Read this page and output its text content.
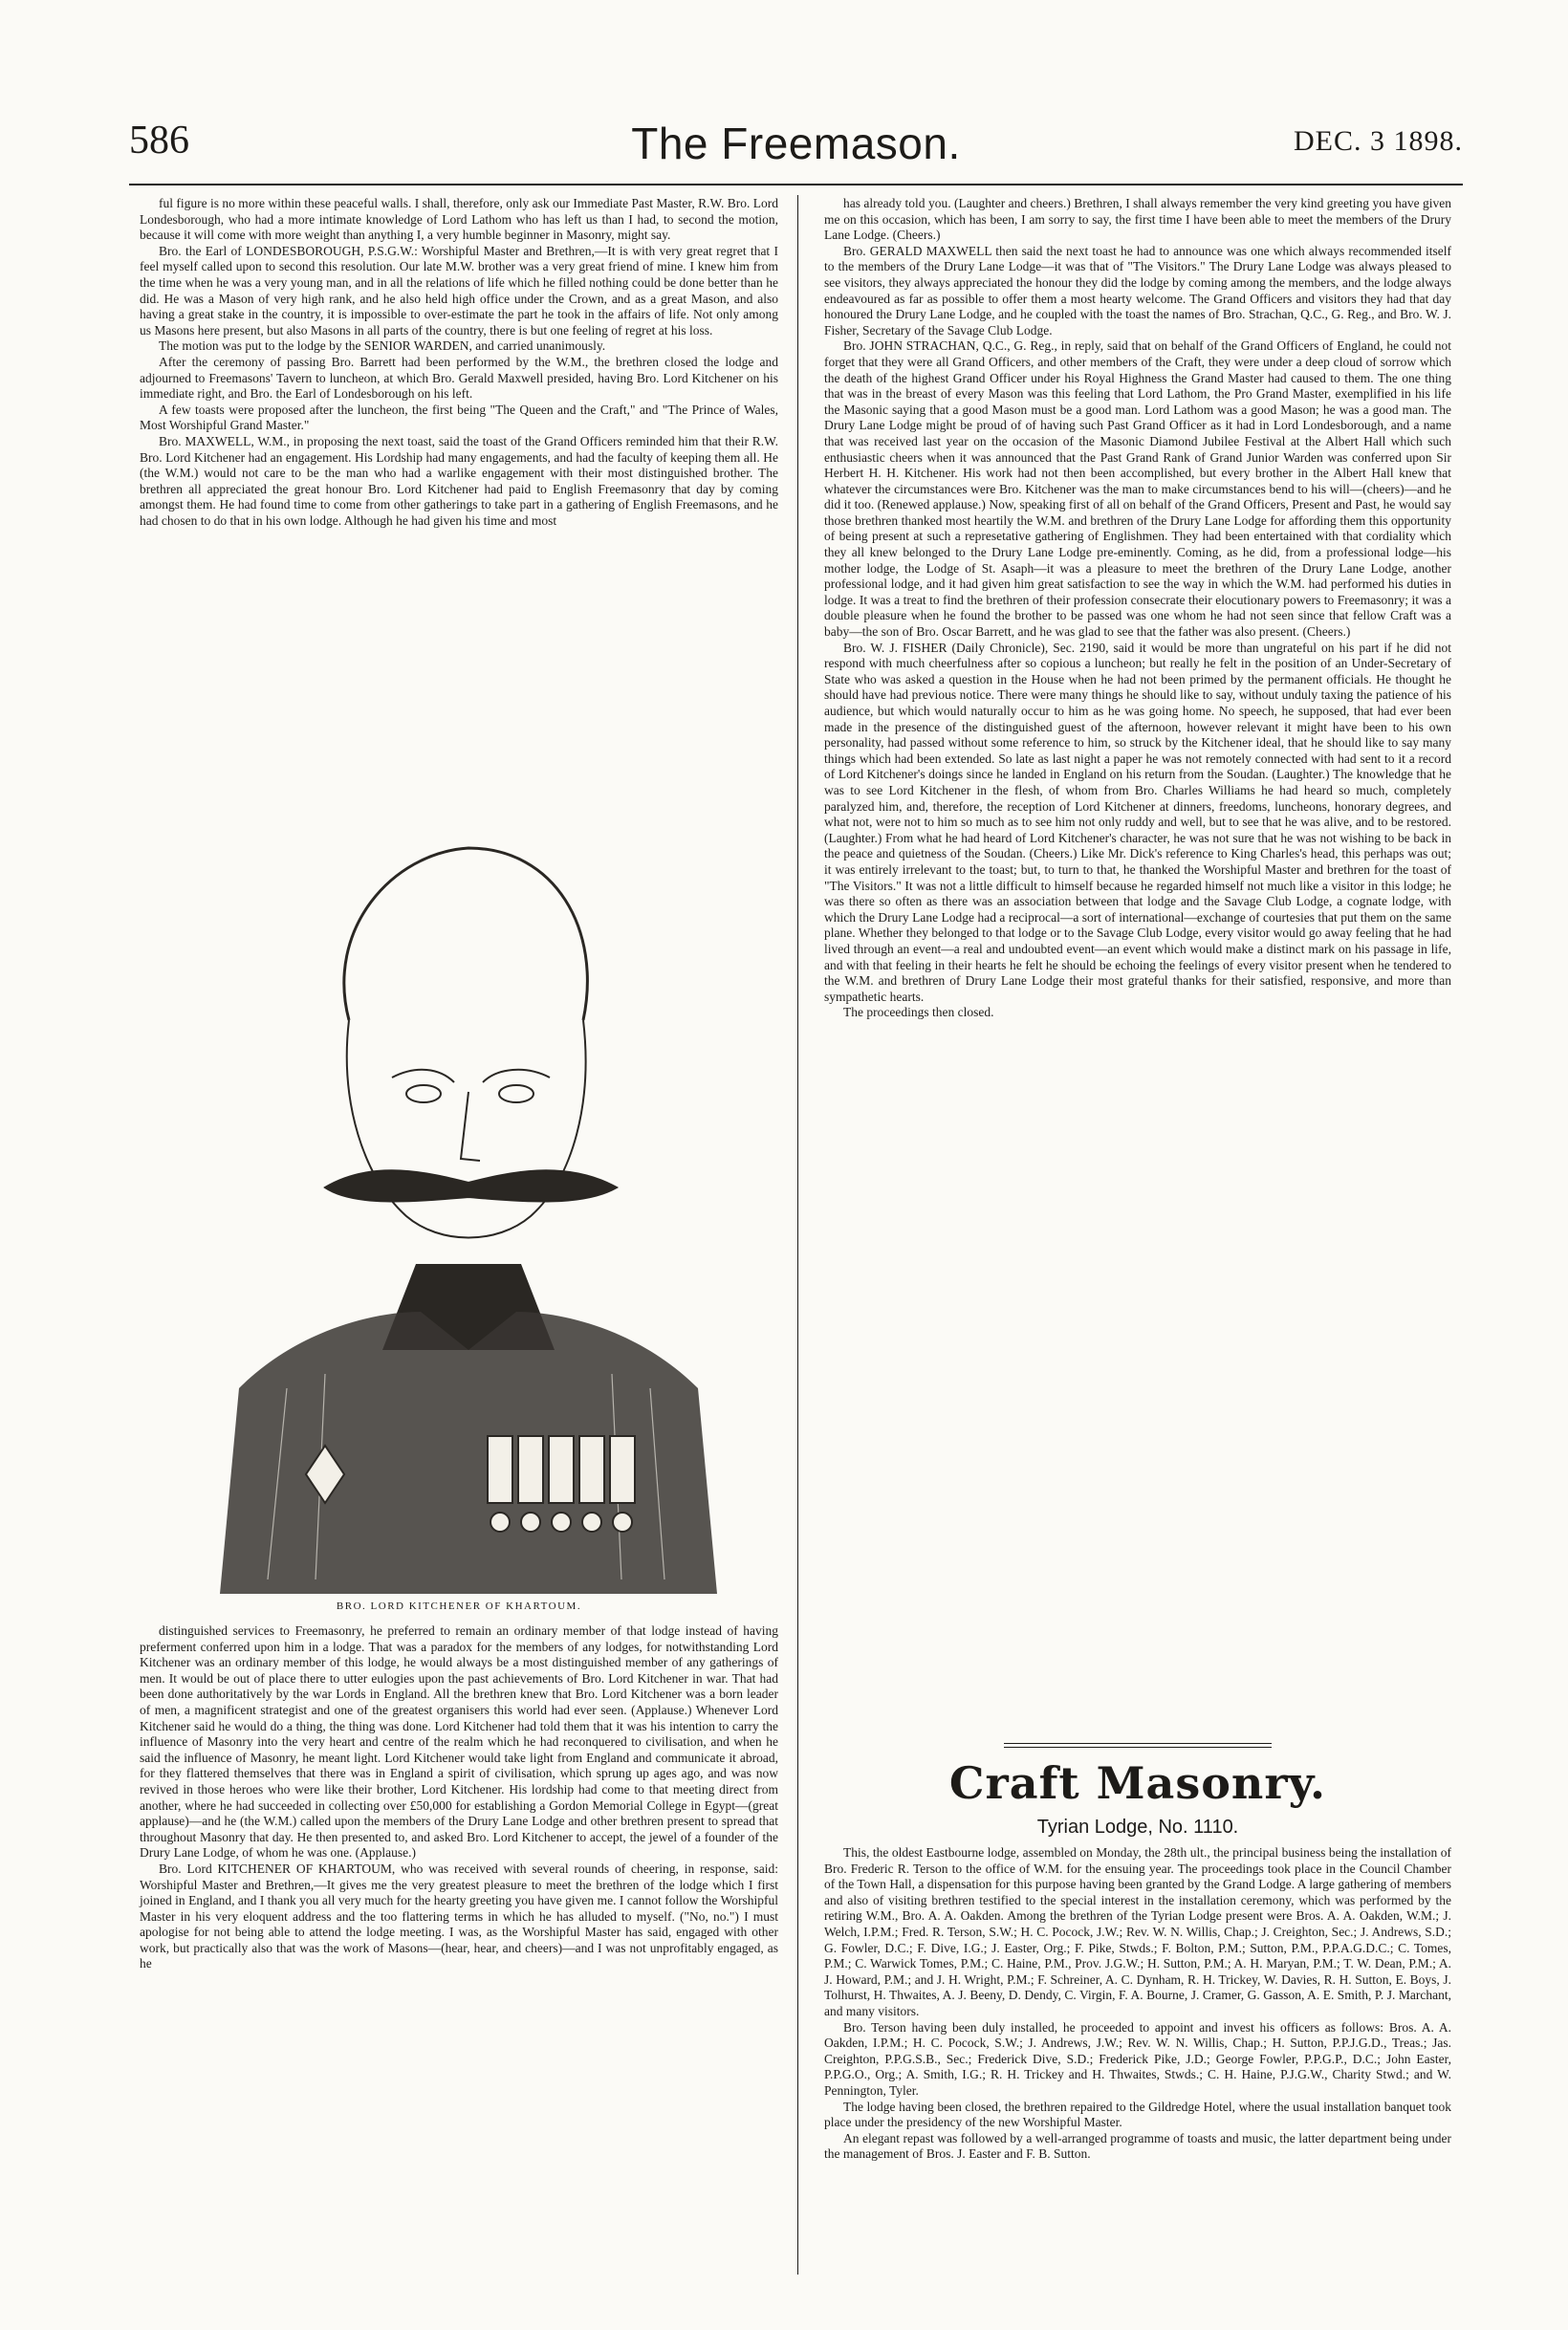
586	The Freemason.	DEC. 3 1898.

ful figure is no more within these peaceful walls. I shall, therefore, only ask our Immediate Past Master, R.W. Bro. Lord Londesborough, who had a more intimate knowledge of Lord Lathom who has left us than I had, to second the motion, because it will come with more weight than anything I, a very humble beginner in Masonry, might say.

Bro. the Earl of LONDESBOROUGH, P.S.G.W.: Worshipful Master and Brethren,—It is with very great regret that I feel myself called upon to second this resolution. Our late M.W. brother was a very great friend of mine. I knew him from the time when he was a very young man, and in all the relations of life which he filled nothing could be done better than he did. He was a Mason of very high rank, and he also held high office under the Crown, and as a great Mason, and also having a great stake in the country, it is impossible to over-estimate the part he took in the affairs of life. Not only among us Masons here present, but also Masons in all parts of the country, there is but one feeling of regret at his loss.

The motion was put to the lodge by the SENIOR WARDEN, and carried unanimously.

After the ceremony of passing Bro. Barrett had been performed by the W.M., the brethren closed the lodge and adjourned to Freemasons' Tavern to luncheon, at which Bro. Gerald Maxwell presided, having Bro. Lord Kitchener on his immediate right, and Bro. the Earl of Londesborough on his left.

A few toasts were proposed after the luncheon, the first being "The Queen and the Craft," and "The Prince of Wales, Most Worshipful Grand Master."

Bro. MAXWELL, W.M., in proposing the next toast, said the toast of the Grand Officers reminded him that their R.W. Bro. Lord Kitchener had an engagement. His Lordship had many engagements, and had the faculty of keeping them all. He (the W.M.) would not care to be the man who had a warlike engagement with their most distinguished brother. The brethren all appreciated the great honour Bro. Lord Kitchener had paid to English Freemasonry that day by coming amongst them. He had found time to come from other gatherings to take part in a gathering of English Freemasons, and he had chosen to do that in his own lodge. Although he had given his time and most

BRO. LORD KITCHENER OF KHARTOUM.

distinguished services to Freemasonry, he preferred to remain an ordinary member of that lodge instead of having preferment conferred upon him in a lodge. That was a paradox for the members of any lodges, for notwithstanding Lord Kitchener was an ordinary member of this lodge, he would always be a most distinguished member of any gatherings of men. It would be out of place there to utter eulogies upon the past achievements of Bro. Lord Kitchener in war. That had been done authoritatively by the war Lords in England. All the brethren knew that Bro. Lord Kitchener was a born leader of men, a magnificent strategist and one of the greatest organisers this world had ever seen. (Applause.) Whenever Lord Kitchener said he would do a thing, the thing was done. Lord Kitchener had told them that it was his intention to carry the influence of Masonry into the very heart and centre of the realm which he had reconquered to civilisation, and when he said the influence of Masonry, he meant light. Lord Kitchener would take light from England and communicate it abroad, for they flattered themselves that there was in England a spirit of civilisation, which sprung up ages ago, and was now revived in those heroes who were like their brother, Lord Kitchener. His lordship had come to that meeting direct from another, where he had succeeded in collecting over £50,000 for establishing a Gordon Memorial College in Egypt—(great applause)—and he (the W.M.) called upon the members of the Drury Lane Lodge and other brethren present to spread that throughout Masonry that day. He then presented to, and asked Bro. Lord Kitchener to accept, the jewel of a founder of the Drury Lane Lodge, of whom he was one. (Applause.)

Bro. Lord KITCHENER OF KHARTOUM, who was received with several rounds of cheering, in response, said: Worshipful Master and Brethren,—It gives me the very greatest pleasure to meet the brethren of the lodge which I first joined in England, and I thank you all very much for the hearty greeting you have given me. I cannot follow the Worshipful Master in his very eloquent address and the too flattering terms in which he has alluded to myself. ("No, no.") I must apologise for not being able to attend the lodge meeting. I was, as the Worshipful Master has said, engaged with other work, but practically also that was the work of Masons—(hear, hear, and cheers)—and I was not unprofitably engaged, as he

has already told you. (Laughter and cheers.) Brethren, I shall always remember the very kind greeting you have given me on this occasion, which has been, I am sorry to say, the first time I have been able to meet the members of the Drury Lane Lodge. (Cheers.)

Bro. GERALD MAXWELL then said the next toast he had to announce was one which always recommended itself to the members of the Drury Lane Lodge—it was that of "The Visitors." The Drury Lane Lodge was always pleased to see visitors, they always appreciated the honour they did the lodge by coming among the members, and the lodge always endeavoured as far as possible to offer them a most hearty welcome. The Grand Officers and visitors they had that day honoured the Drury Lane Lodge, and he coupled with the toast the names of Bro. Strachan, Q.C., G. Reg., and Bro. W. J. Fisher, Secretary of the Savage Club Lodge.

Bro. JOHN STRACHAN, Q.C., G. Reg., in reply, said that on behalf of the Grand Officers of England, he could not forget that they were all Grand Officers, and other members of the Craft, they were under a deep cloud of sorrow which the death of the highest Grand Officer under his Royal Highness the Grand Master had caused to them. The one thing that was in the breast of every Mason was this feeling that Lord Lathom, the Pro Grand Master, exemplified in his life the Masonic saying that a good Mason must be a good man. Lord Lathom was a good Mason; he was a good man. The Drury Lane Lodge might be proud of of having such Past Grand Officer as it had in Lord Londesborough, and a name that was received last year on the occasion of the Masonic Diamond Jubilee Festival at the Albert Hall which such enthusiastic cheers when it was announced that the Past Grand Rank of Grand Junior Warden was conferred upon Sir Herbert H. H. Kitchener. His work had not then been accomplished, but every brother in the Albert Hall knew that whatever the circumstances were Bro. Kitchener was the man to make circumstances bend to his will—(cheers)—and he did it too. (Renewed applause.) Now, speaking first of all on behalf of the Grand Officers, Present and Past, he would say those brethren thanked most heartily the W.M. and brethren of the Drury Lane Lodge for affording them this opportunity of being present at such a represetative gathering of Englishmen. They had been entertained with that cordiality which they all knew belonged to the Drury Lane Lodge pre-eminently. Coming, as he did, from a professional lodge—his mother lodge, the Lodge of St. Asaph—it was a pleasure to meet the brethren of the Drury Lane Lodge, another professional lodge, and it had given him great satisfaction to see the way in which the W.M. had performed his duties in lodge. It was a treat to find the brethren of their profession consecrate their elocutionary powers to Freemasonry; it was a double pleasure when he found the brother to be passed was one whom he had not seen since that fellow Craft was a baby—the son of Bro. Oscar Barrett, and he was glad to see that the father was also present. (Cheers.)

Bro. W. J. FISHER (Daily Chronicle), Sec. 2190, said it would be more than ungrateful on his part if he did not respond with much cheerfulness after so copious a luncheon; but really he felt in the position of an Under-Secretary of State who was asked a question in the House when he had not been primed by the permanent officials. He thought he should have had previous notice. There were many things he should like to say, without unduly taxing the patience of his audience, but which would naturally occur to him as he was going home. No speech, he supposed, that had ever been made in the presence of the distinguished guest of the afternoon, however relevant it might have been to his own personality, had passed without some reference to him, so struck by the Kitchener ideal, that he should like to say many things which had been extended. So late as last night a paper he was not remotely connected with had sent to it a record of Lord Kitchener's doings since he landed in England on his return from the Soudan. (Laughter.) The knowledge that he was to see Lord Kitchener in the flesh, of whom from Bro. Charles Williams he had heard so much, completely paralyzed him, and, therefore, the reception of Lord Kitchener at dinners, freedoms, luncheons, honorary degrees, and what not, were not to him so much as to see him not only ruddy and well, but to see that he was alive, and to be restored. (Laughter.) From what he had heard of Lord Kitchener's character, he was not sure that he was not wishing to be back in the peace and quietness of the Soudan. (Cheers.) Like Mr. Dick's reference to King Charles's head, this perhaps was out; it was entirely irrelevant to the toast; but, to turn to that, he thanked the Worshipful Master and brethren for the toast of "The Visitors." It was not a little difficult to himself because he regarded himself not much like a visitor in this lodge; he was there so often as there was an association between that lodge and the Savage Club Lodge, a cognate lodge, with which the Drury Lane Lodge had a reciprocal—a sort of international—exchange of courtesies that put them on the same plane. Whether they belonged to that lodge or to the Savage Club Lodge, every visitor would go away feeling that he had lived through an event—a real and undoubted event—an event which would make a distinct mark on his passage in life, and with that feeling in their hearts he felt he should be echoing the feelings of every visitor present when he tendered to the W.M. and brethren of Drury Lane Lodge their most grateful thanks for their satisfied, responsive, and more than sympathetic hearts.

The proceedings then closed.

Craft Masonry.
Tyrian Lodge, No. 1110.

This, the oldest Eastbourne lodge, assembled on Monday, the 28th ult., the principal business being the installation of Bro. Frederic R. Terson to the office of W.M. for the ensuing year. The proceedings took place in the Council Chamber of the Town Hall, a dispensation for this purpose having been granted by the Grand Lodge. A large gathering of members and also of visiting brethren testified to the special interest in the installation ceremony, which was performed by the retiring W.M., Bro. A. A. Oakden. Among the brethren of the Tyrian Lodge present were Bros. A. A. Oakden, W.M.; J. Welch, I.P.M.; Fred. R. Terson, S.W.; H. C. Pocock, J.W.; Rev. W. N. Willis, Chap.; J. Creighton, Sec.; J. Andrews, S.D.; G. Fowler, D.C.; F. Dive, I.G.; J. Easter, Org.; F. Pike, Stwds.; F. Bolton, P.M.; Sutton, P.M., P.P.A.G.D.C.; C. Tomes, P.M.; C. Warwick Tomes, P.M.; C. Haine, P.M., Prov. J.G.W.; H. Sutton, P.M.; A. H. Maryan, P.M.; T. W. Dean, P.M.; A. J. Howard, P.M.; and J. H. Wright, P.M.; F. Schreiner, A. C. Dynham, R. H. Trickey, W. Davies, R. H. Sutton, E. Boys, J. Tolhurst, H. Thwaites, A. J. Beeny, D. Dendy, C. Virgin, F. A. Bourne, J. Cramer, G. Gasson, A. E. Smith, P. J. Marchant, and many visitors.

Bro. Terson having been duly installed, he proceeded to appoint and invest his officers as follows: Bros. A. A. Oakden, I.P.M.; H. C. Pocock, S.W.; J. Andrews, J.W.; Rev. W. N. Willis, Chap.; H. Sutton, P.P.J.G.D., Treas.; Jas. Creighton, P.P.G.S.B., Sec.; Frederick Dive, S.D.; Frederick Pike, J.D.; George Fowler, P.P.G.P., D.C.; John Easter, P.P.G.O., Org.; A. Smith, I.G.; R. H. Trickey and H. Thwaites, Stwds.; C. H. Haine, P.J.G.W., Charity Stwd.; and W. Pennington, Tyler.

The lodge having been closed, the brethren repaired to the Gildredge Hotel, where the usual installation banquet took place under the presidency of the new Worshipful Master.

An elegant repast was followed by a well-arranged programme of toasts and music, the latter department being under the management of Bros. J. Easter and F. B. Sutton.
